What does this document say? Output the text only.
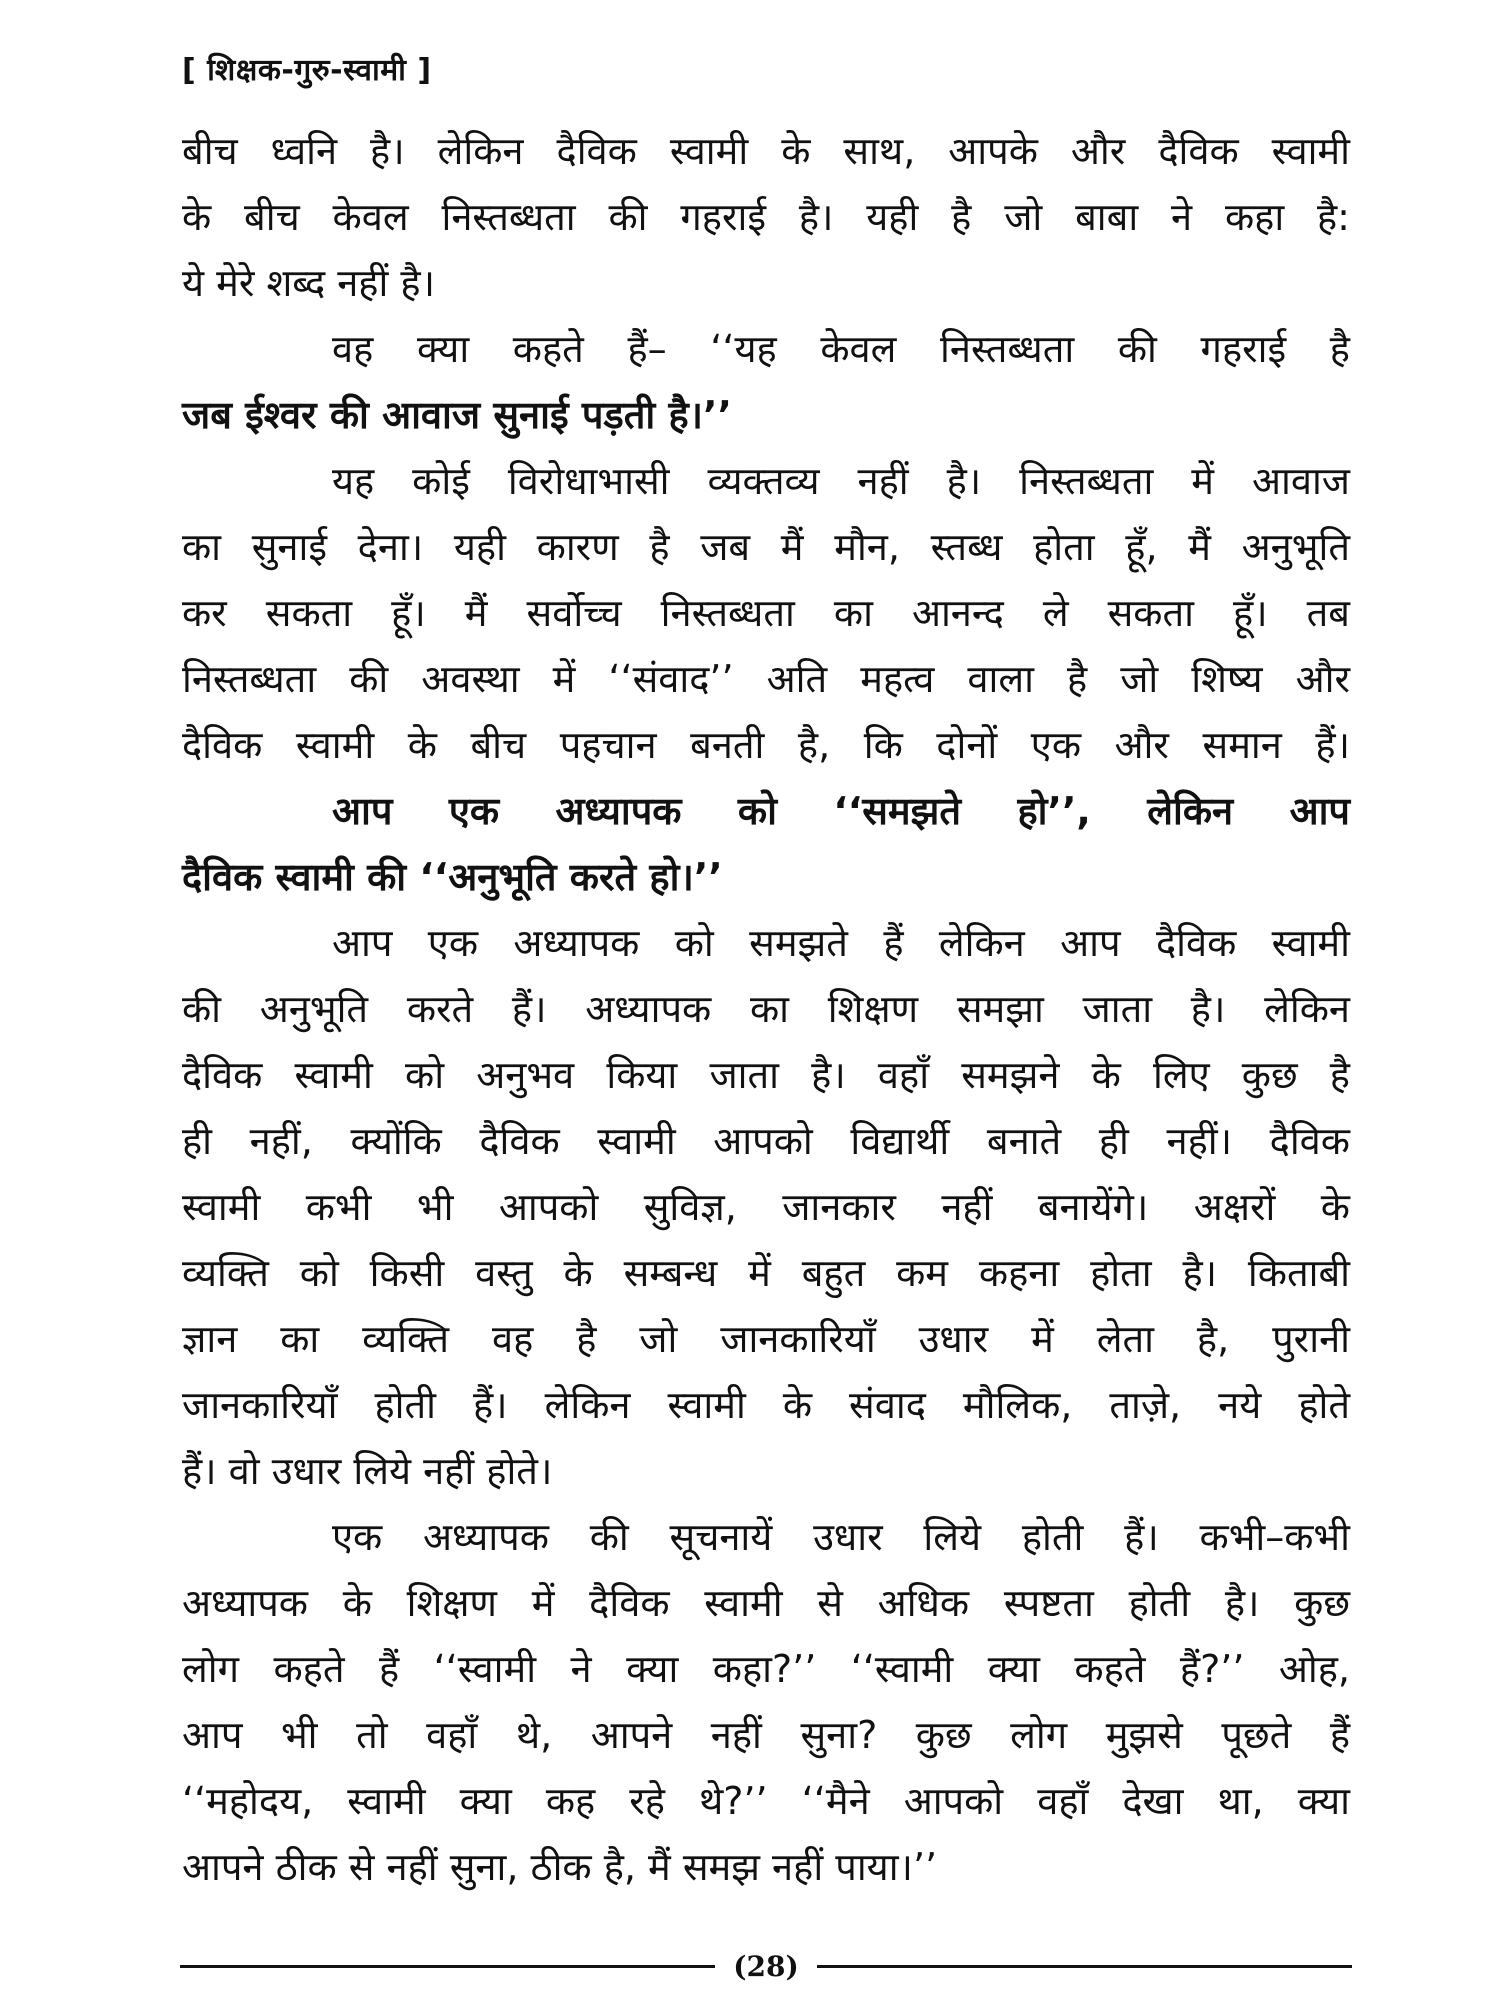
[ शिक्षक-गुरु-स्वामी ]
बीच ध्वनि है। लेकिन दैविक स्वामी के साथ, आपके और दैविक स्वामी
के बीच केवल निस्तब्धता की गहराई है। यही है जो बाबा ने कहा है:
ये मेरे शब्द नहीं है।
वह क्या कहते हैं– ‘‘यह केवल निस्तब्धता की गहराई है
जब ईश्वर की आवाज सुनाई पड़ती है।’’
यह कोई विरोधाभासी व्यक्तव्य नहीं है। निस्तब्धता में आवाज
का सुनाई देना। यही कारण है जब मैं मौन, स्तब्ध होता हूँ, मैं अनुभूति
कर सकता हूँ। मैं सर्वोच्च निस्तब्धता का आनन्द ले सकता हूँ। तब
निस्तब्धता की अवस्था में ‘‘संवाद’’ अति महत्व वाला है जो शिष्य और
दैविक स्वामी के बीच पहचान बनती है, कि दोनों एक और समान हैं।
आप एक अध्यापक को ‘‘समझते हो’’, लेकिन आप
दैविक स्वामी की ‘‘अनुभूति करते हो।’’
आप एक अध्यापक को समझते हैं लेकिन आप दैविक स्वामी
की अनुभूति करते हैं। अध्यापक का शिक्षण समझा जाता है। लेकिन
दैविक स्वामी को अनुभव किया जाता है। वहाँ समझने के लिए कुछ है
ही नहीं, क्योंकि दैविक स्वामी आपको विद्यार्थी बनाते ही नहीं। दैविक
स्वामी कभी भी आपको सुविज्ञ, जानकार नहीं बनायेंगे। अक्षरों के
व्यक्ति को किसी वस्तु के सम्बन्ध में बहुत कम कहना होता है। किताबी
ज्ञान का व्यक्ति वह है जो जानकारियाँ उधार में लेता है, पुरानी
जानकारियाँ होती हैं। लेकिन स्वामी के संवाद मौलिक, ताज़े, नये होते
हैं। वो उधार लिये नहीं होते।
एक अध्यापक की सूचनायें उधार लिये होती हैं। कभी–कभी
अध्यापक के शिक्षण में दैविक स्वामी से अधिक स्पष्टता होती है। कुछ
लोग कहते हैं ‘‘स्वामी ने क्या कहा?’’ ‘‘स्वामी क्या कहते हैं?’’ ओह,
आप भी तो वहाँ थे, आपने नहीं सुना? कुछ लोग मुझसे पूछते हैं
‘‘महोदय, स्वामी क्या कह रहे थे?’’ ‘‘मैने आपको वहाँ देखा था, क्या
आपने ठीक से नहीं सुना, ठीक है, मैं समझ नहीं पाया।’’
(28)
